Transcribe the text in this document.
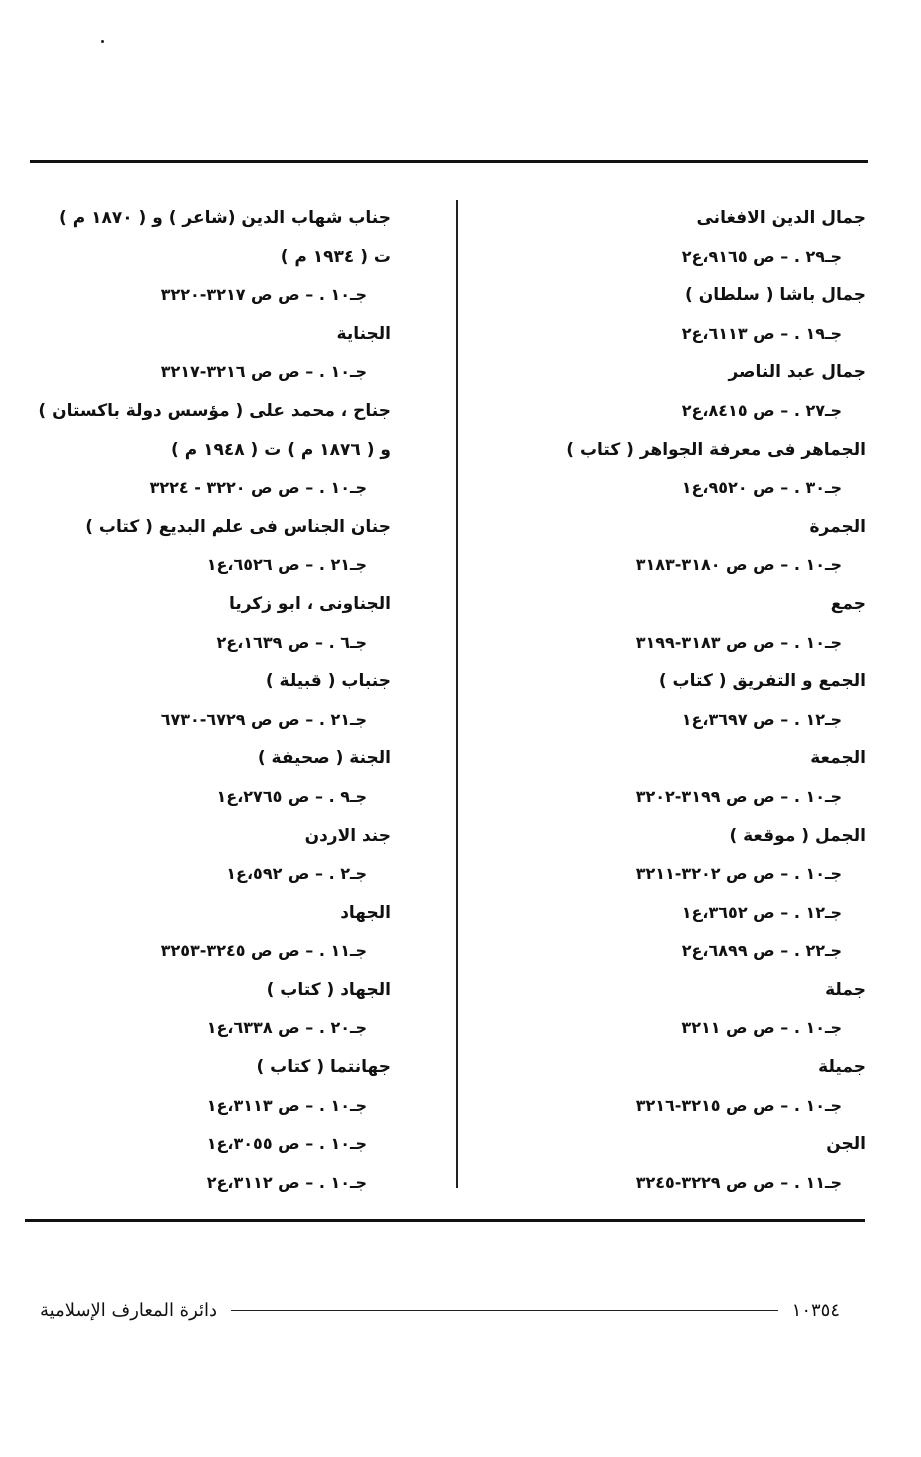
جمال الدين الافغانى
جـ٢٩ . – ص ٩١٦٥،ع٢
جمال باشا ( سلطان )
جـ١٩ . – ص ٦١١٣،ع٢
جمال عبد الناصر
جـ٢٧ . – ص ٨٤١٥،ع٢
الجماهر فى معرفة الجواهر ( كتاب )
جـ٣٠ . – ص ٩٥٢٠،ع١
الجمرة
جـ١٠ . – ص ص ٣١٨٠-٣١٨٣
جمع
جـ١٠ . – ص ص ٣١٨٣-٣١٩٩
الجمع و التفريق ( كتاب )
جـ١٢ . – ص ٣٦٩٧،ع١
الجمعة
جـ١٠ . – ص ص ٣١٩٩-٣٢٠٢
الجمل ( موقعة )
جـ١٠ . – ص ص ٣٢٠٢-٣٢١١
جـ١٢ . – ص ٣٦٥٢،ع١
جـ٢٢ . – ص ٦٨٩٩،ع٢
جملة
جـ١٠ . – ص ص ٣٢١١
جميلة
جـ١٠ . – ص ص ٣٢١٥-٣٢١٦
الجن
جـ١١ . – ص ص ٣٢٢٩-٣٢٤٥
جناب شهاب الدين (شاعر ) و ( ١٨٧٠ م )
ت ( ١٩٣٤ م )
جـ١٠ . – ص ص ٣٢١٧-٣٢٢٠
الجناية
جـ١٠ . – ص ص ٣٢١٦-٣٢١٧
جناح ، محمد على ( مؤسس دولة باكستان )
و ( ١٨٧٦ م ) ت ( ١٩٤٨ م )
جـ١٠ . – ص ص ٣٢٢٠ - ٣٢٢٤
جنان الجناس فى علم البديع ( كتاب )
جـ٢١ . – ص ٦٥٢٦،ع١
الجناونى ، ابو زكريا
جـ٦ . – ص ١٦٣٩،ع٢
جنباب ( قبيلة )
جـ٢١ . – ص ص ٦٧٢٩-٦٧٣٠
الجنة ( صحيفة )
جـ٩ . – ص ٢٧٦٥،ع١
جند الاردن
جـ٢ . – ص ٥٩٢،ع١
الجهاد
جـ١١ . – ص ص ٣٢٤٥-٣٢٥٣
الجهاد ( كتاب )
جـ٢٠ . – ص ٦٣٣٨،ع١
جهانتما ( كتاب )
جـ١٠ . – ص ٣١١٣،ع١
جـ١٠ . – ص ٣٠٥٥،ع١
جـ١٠ . – ص ٣١١٢،ع٢
١٠٣٥٤
دائرة المعارف الإسلامية
